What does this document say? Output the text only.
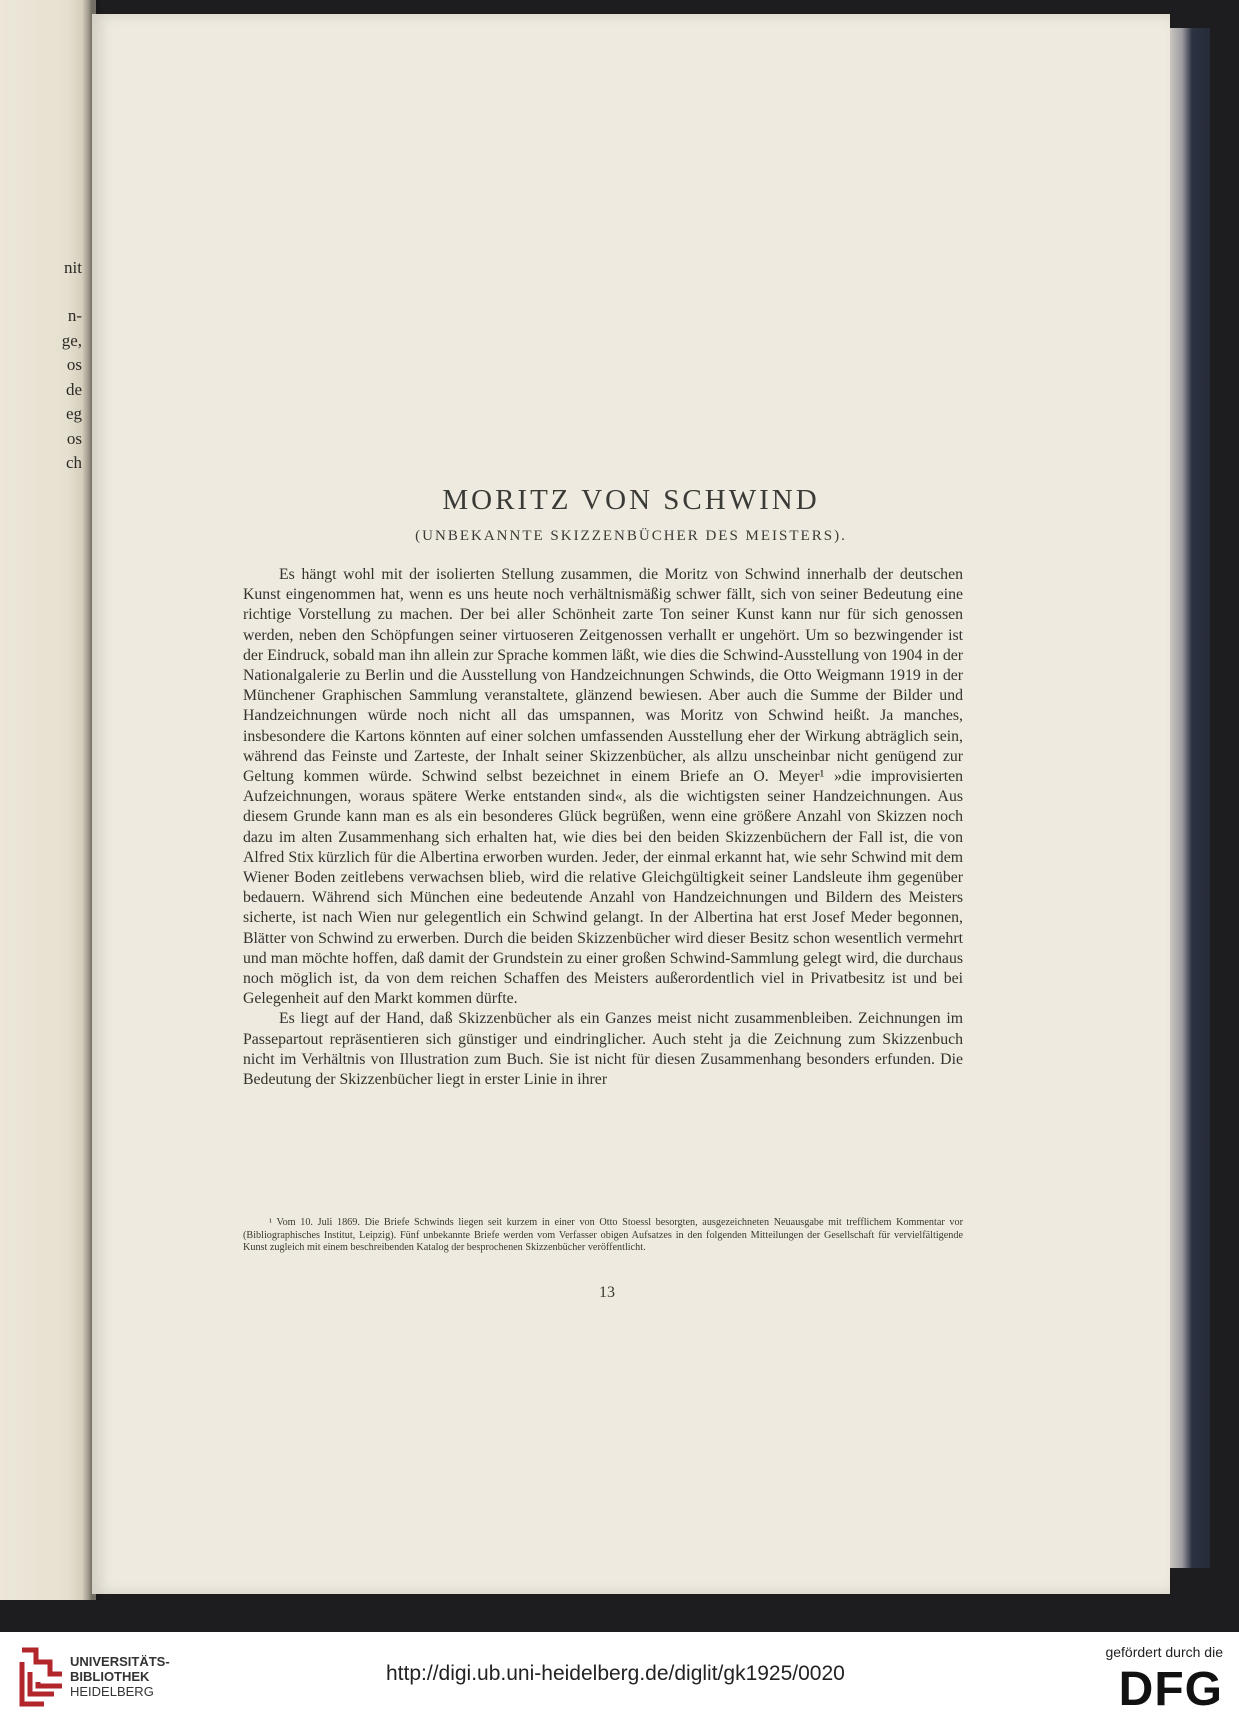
nit
n-
ge,
os
de
eg
os
ch
MORITZ VON SCHWIND
(UNBEKANNTE SKIZZENBÜCHER DES MEISTERS).

Es hängt wohl mit der isolierten Stellung zusammen, die Moritz von Schwind innerhalb der deutschen Kunst eingenommen hat, wenn es uns heute noch verhältnismäßig schwer fällt, sich von seiner Bedeutung eine richtige Vorstellung zu machen. Der bei aller Schönheit zarte Ton seiner Kunst kann nur für sich genossen werden, neben den Schöpfungen seiner virtuoseren Zeitgenossen verhallt er ungehört. Um so bezwingender ist der Eindruck, sobald man ihn allein zur Sprache kommen läßt, wie dies die Schwind-Ausstellung von 1904 in der Nationalgalerie zu Berlin und die Ausstellung von Handzeichnungen Schwinds, die Otto Weigmann 1919 in der Münchener Graphischen Sammlung veranstaltete, glänzend bewiesen. Aber auch die Summe der Bilder und Handzeichnungen würde noch nicht all das umspannen, was Moritz von Schwind heißt. Ja manches, insbesondere die Kartons könnten auf einer solchen umfassenden Ausstellung eher der Wirkung abträglich sein, während das Feinste und Zarteste, der Inhalt seiner Skizzenbücher, als allzu unscheinbar nicht genügend zur Geltung kommen würde. Schwind selbst bezeichnet in einem Briefe an O. Meyer¹ »die improvisierten Aufzeichnungen, woraus spätere Werke entstanden sind«, als die wichtigsten seiner Handzeichnungen. Aus diesem Grunde kann man es als ein besonderes Glück begrüßen, wenn eine größere Anzahl von Skizzen noch dazu im alten Zusammenhang sich erhalten hat, wie dies bei den beiden Skizzenbüchern der Fall ist, die von Alfred Stix kürzlich für die Albertina erworben wurden. Jeder, der einmal erkannt hat, wie sehr Schwind mit dem Wiener Boden zeitlebens verwachsen blieb, wird die relative Gleichgültigkeit seiner Landsleute ihm gegenüber bedauern. Während sich München eine bedeutende Anzahl von Handzeichnungen und Bildern des Meisters sicherte, ist nach Wien nur gelegentlich ein Schwind gelangt. In der Albertina hat erst Josef Meder begonnen, Blätter von Schwind zu erwerben. Durch die beiden Skizzenbücher wird dieser Besitz schon wesentlich vermehrt und man möchte hoffen, daß damit der Grundstein zu einer großen Schwind-Sammlung gelegt wird, die durchaus noch möglich ist, da von dem reichen Schaffen des Meisters außerordentlich viel in Privatbesitz ist und bei Gelegenheit auf den Markt kommen dürfte.

Es liegt auf der Hand, daß Skizzenbücher als ein Ganzes meist nicht zusammenbleiben. Zeichnungen im Passepartout repräsentieren sich günstiger und eindringlicher. Auch steht ja die Zeichnung zum Skizzenbuch nicht im Verhältnis von Illustration zum Buch. Sie ist nicht für diesen Zusammenhang besonders erfunden. Die Bedeutung der Skizzenbücher liegt in erster Linie in ihrer

¹ Vom 10. Juli 1869. Die Briefe Schwinds liegen seit kurzem in einer von Otto Stoessl besorgten, ausgezeichneten Neuausgabe mit trefflichem Kommentar vor (Bibliographisches Institut, Leipzig). Fünf unbekannte Briefe werden vom Verfasser obigen Aufsatzes in den folgenden Mitteilungen der Gesellschaft für vervielfältigende Kunst zugleich mit einem beschreibenden Katalog der besprochenen Skizzenbücher veröffentlicht.

13
UNIVERSITÄTS-
BIBLIOTHEK
HEIDELBERG
http://digi.ub.uni-heidelberg.de/diglit/gk1925/0020
gefördert durch die
DFG
